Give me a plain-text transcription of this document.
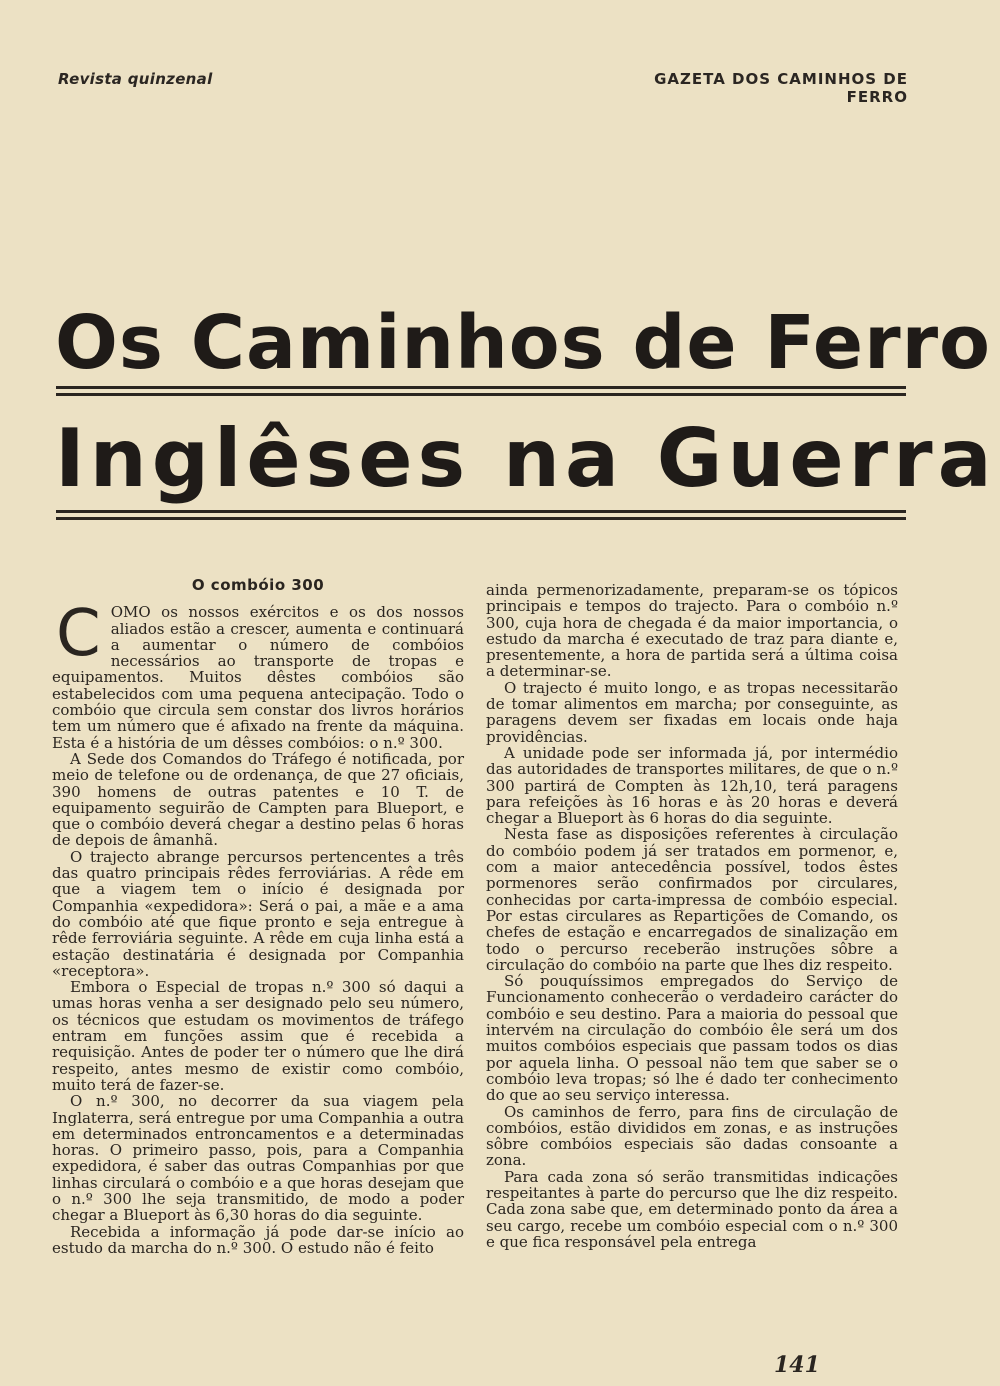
Revista quinzenal	GAZETA DOS CAMINHOS DE FERRO
Os Caminhos de Ferro
Inglêses na Guerra
O combóio 300

COMO os nossos exércitos e os dos nossos aliados estão a crescer, aumenta e continuará a aumentar o número de combóios necessários ao transporte de tropas e equipamentos. Muitos dêstes combóios são estabelecidos com uma pequena antecipação. Todo o combóio que circula sem constar dos livros horários tem um número que é afixado na frente da máquina. Esta é a história de um dêsses combóios: o n.º 300.

A Sede dos Comandos do Tráfego é notificada, por meio de telefone ou de ordenança, de que 27 oficiais, 390 homens de outras patentes e 10 T. de equipamento seguirão de Campten para Blueport, e que o combóio deverá chegar a destino pelas 6 horas de depois de âmanhã.

O trajecto abrange percursos pertencentes a três das quatro principais rêdes ferroviárias. A rêde em que a viagem tem o início é designada por Companhia «expedidora»: Será o pai, a mãe e a ama do combóio até que fique pronto e seja entregue à rêde ferroviária seguinte. A rêde em cuja linha está a estação destinatária é designada por Companhia «receptora».

Embora o Especial de tropas n.º 300 só daqui a umas horas venha a ser designado pelo seu número, os técnicos que estudam os movimentos de tráfego entram em funções assim que é recebida a requisição. Antes de poder ter o número que lhe dirá respeito, antes mesmo de existir como combóio, muito terá de fazer-se.

O n.º 300, no decorrer da sua viagem pela Inglaterra, será entregue por uma Companhia a outra em determinados entroncamentos e a determinadas horas. O primeiro passo, pois, para a Companhia expedidora, é saber das outras Companhias por que linhas circulará o combóio e a que horas desejam que o n.º 300 lhe seja transmitido, de modo a poder chegar a Blueport às 6,30 horas do dia seguinte.

Recebida a informação já pode dar-se início ao estudo da marcha do n.º 300. O estudo não é feito

ainda permenorizadamente, preparam-se os tópicos principais e tempos do trajecto. Para o combóio n.º 300, cuja hora de chegada é da maior importancia, o estudo da marcha é executado de traz para diante e, presentemente, a hora de partida será a última coisa a determinar-se.

O trajecto é muito longo, e as tropas necessitarão de tomar alimentos em marcha; por conseguinte, as paragens devem ser fixadas em locais onde haja providências.

A unidade pode ser informada já, por intermédio das autoridades de transportes militares, de que o n.º 300 partirá de Compten às 12h,10, terá paragens para refeições às 16 horas e às 20 horas e deverá chegar a Blueport às 6 horas do dia seguinte.

Nesta fase as disposições referentes à circulação do combóio podem já ser tratados em pormenor, e, com a maior antecedência possível, todos êstes pormenores serão confirmados por circulares, conhecidas por carta-impressa de combóio especial. Por estas circulares as Repartições de Comando, os chefes de estação e encarregados de sinalização em todo o percurso receberão instruções sôbre a circulação do combóio na parte que lhes diz respeito.

Só pouquíssimos empregados do Serviço de Funcionamento conhecerão o verdadeiro carácter do combóio e seu destino. Para a maioria do pessoal que intervém na circulação do combóio êle será um dos muitos combóios especiais que passam todos os dias por aquela linha. O pessoal não tem que saber se o combóio leva tropas; só lhe é dado ter conhecimento do que ao seu serviço interessa.

Os caminhos de ferro, para fins de circulação de combóios, estão divididos em zonas, e as instruções sôbre combóios especiais são dadas consoante a zona.

Para cada zona só serão transmitidas indicações respeitantes à parte do percurso que lhe diz respeito. Cada zona sabe que, em determinado ponto da área a seu cargo, recebe um combóio especial com o n.º 300 e que fica responsável pela entrega

141
